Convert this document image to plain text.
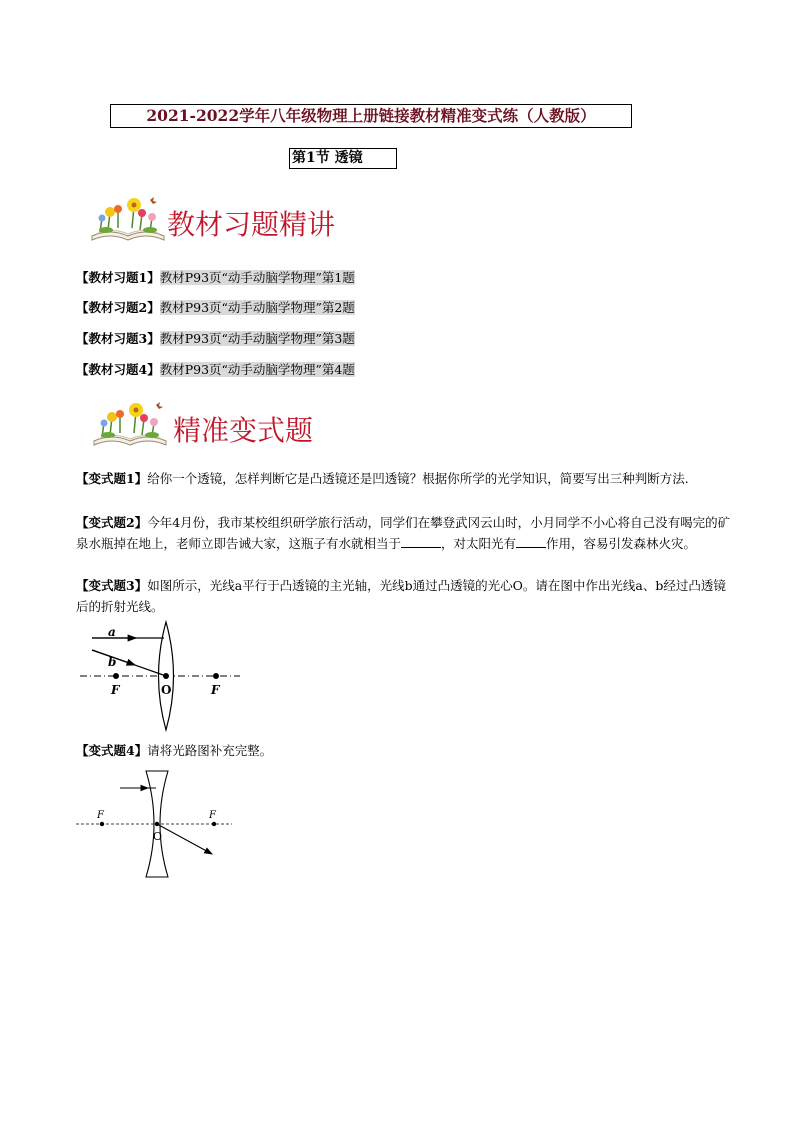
2021-2022学年八年级物理上册链接教材精准变式练（人教版）
第1节 透镜
教材习题精讲
【教材习题1】教材P93页“动手动脑学物理”第1题
【教材习题2】教材P93页“动手动脑学物理”第2题
【教材习题3】教材P93页“动手动脑学物理”第3题
【教材习题4】教材P93页“动手动脑学物理”第4题
精准变式题
【变式题1】给你一个透镜，怎样判断它是凸透镜还是凹透镜？根据你所学的光学知识，简要写出三种判断方法.
【变式题2】今年4月份，我市某校组织研学旅行活动，同学们在攀登武冈云山时，小月同学不小心将自己没有喝完的矿泉水瓶掉在地上，老师立即告诫大家，这瓶子有水就相当于	，对太阳光有 作用，容易引发森林火灾。
【变式题3】如图所示，光线a平行于凸透镜的主光轴，光线b通过凸透镜的光心O。请在图中作出光线a、b经过凸透镜后的折射光线。
a
b
F	O	F
【变式题4】请将光路图补充完整。
F
O
F
